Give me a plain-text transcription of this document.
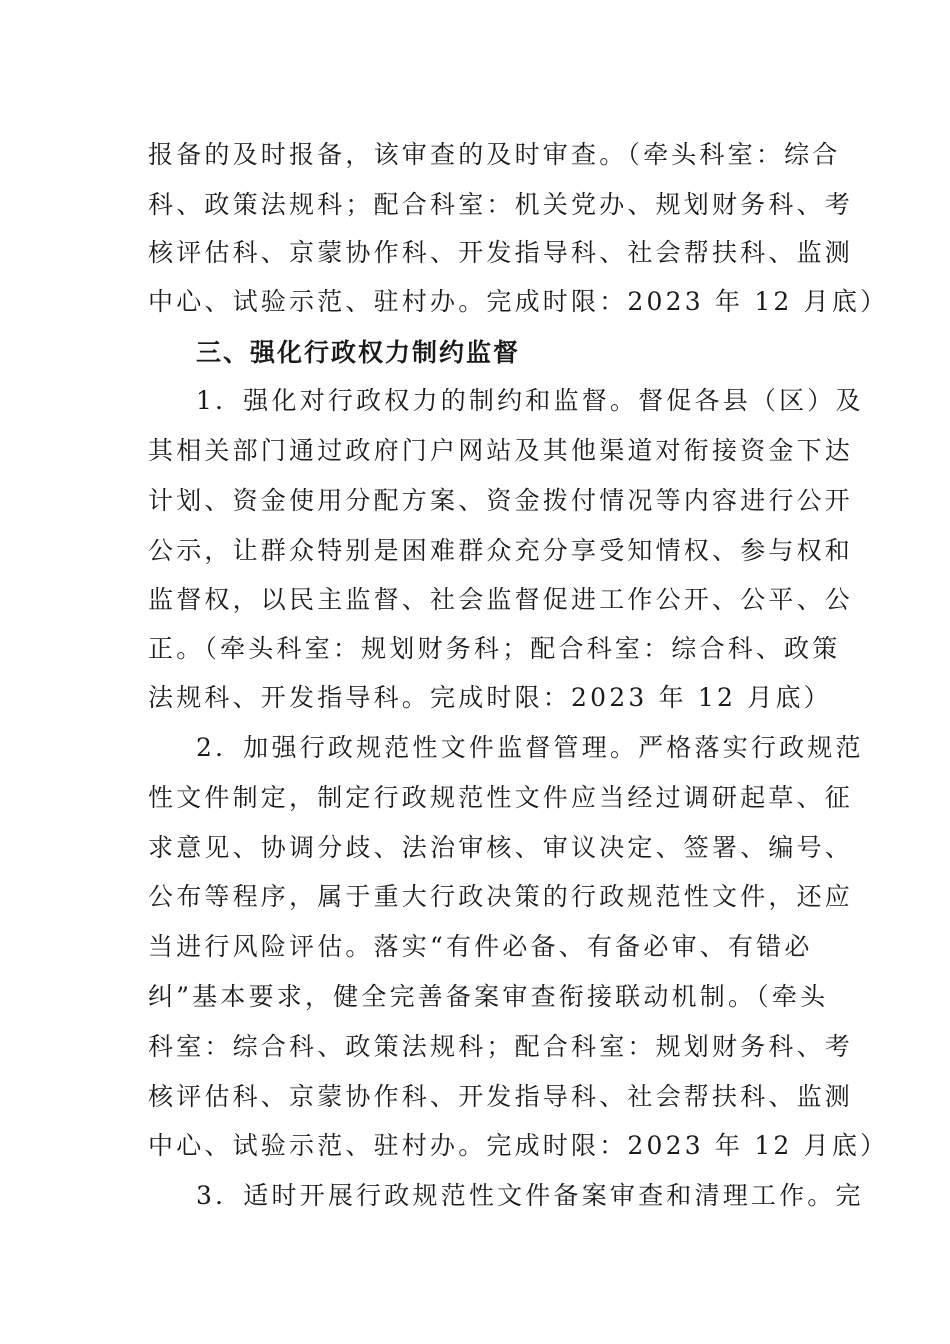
报备的及时报备，该审查的及时审查。（牵头科室：综合
科、政策法规科；配合科室：机关党办、规划财务科、考
核评估科、京蒙协作科、开发指导科、社会帮扶科、监测
中心、试验示范、驻村办。完成时限：2023 年 12 月底）
三、强化行政权力制约监督
1．强化对行政权力的制约和监督。督促各县（区）及
其相关部门通过政府门户网站及其他渠道对衔接资金下达
计划、资金使用分配方案、资金拨付情况等内容进行公开
公示，让群众特别是困难群众充分享受知情权、参与权和
监督权，以民主监督、社会监督促进工作公开、公平、公
正。（牵头科室：规划财务科；配合科室：综合科、政策
法规科、开发指导科。完成时限：2023 年 12 月底）
2．加强行政规范性文件监督管理。严格落实行政规范
性文件制定，制定行政规范性文件应当经过调研起草、征
求意见、协调分歧、法治审核、审议决定、签署、编号、
公布等程序，属于重大行政决策的行政规范性文件，还应
当进行风险评估。落实“有件必备、有备必审、有错必
纠”基本要求，健全完善备案审查衔接联动机制。（牵头
科室：综合科、政策法规科；配合科室：规划财务科、考
核评估科、京蒙协作科、开发指导科、社会帮扶科、监测
中心、试验示范、驻村办。完成时限：2023 年 12 月底）
3．适时开展行政规范性文件备案审查和清理工作。完
